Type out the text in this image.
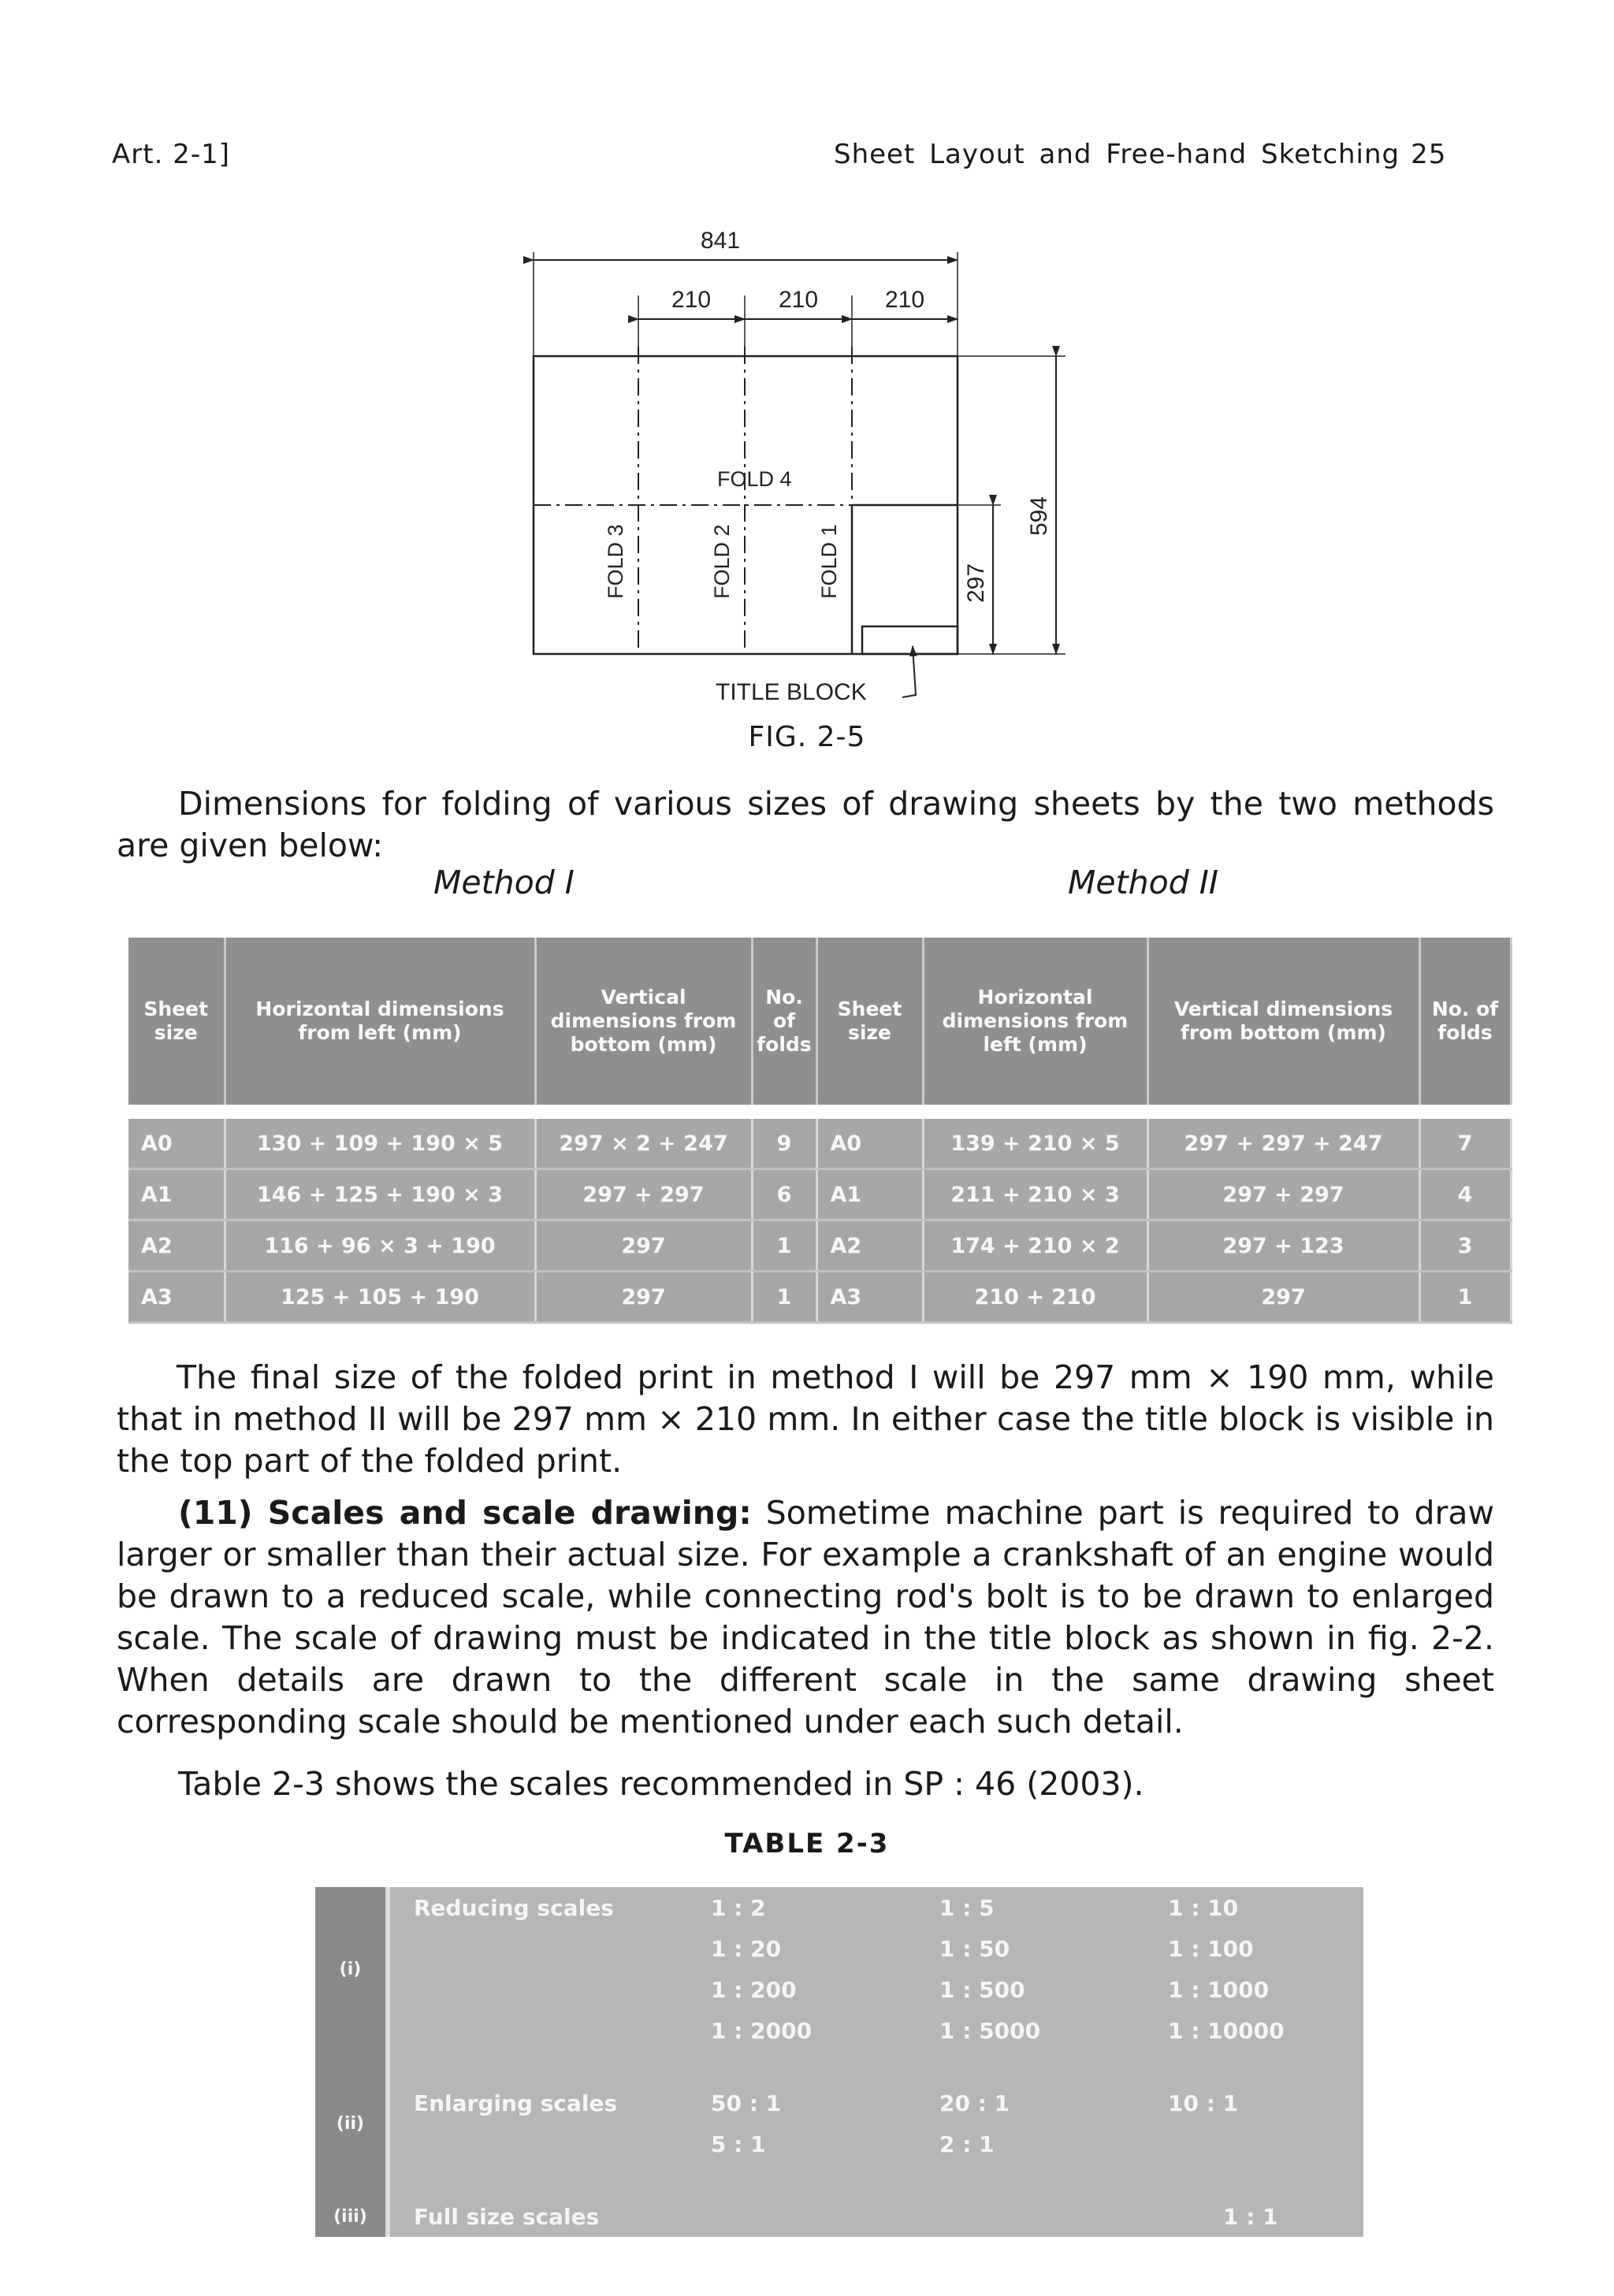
Art. 2-1]	Sheet Layout and Free-hand Sketching 25
841
210	210	210
FOLD 4
FOLD 3	FOLD 2	FOLD 1	297
594
TITLE BLOCK
FIG. 2-5
Dimensions for folding of various sizes of drawing sheets by the two methods are given below:
Method I	Method II
Sheet size	Horizontal dimensions from left (mm)	Vertical dimensions from bottom (mm)	No. of folds	Sheet size	Horizontal dimensions from left (mm)	Vertical dimensions from bottom (mm)	No. of folds

A0	130 + 109 + 190 × 5	297 × 2 + 247	9	A0	139 + 210 × 5	297 + 297 + 247	7
A1	146 + 125 + 190 × 3	297 + 297	6	A1	211 + 210 × 3	297 + 297	4
A2	116 + 96 × 3 + 190	297	1	A2	174 + 210 × 2	297 + 123	3
A3	125 + 105 + 190	297	1	A3	210 + 210	297	1
The final size of the folded print in method I will be 297 mm × 190 mm, while that in method II will be 297 mm × 210 mm. In either case the title block is visible in the top part of the folded print.
(11) Scales and scale drawing: Sometime machine part is required to draw larger or smaller than their actual size. For example a crankshaft of an engine would be drawn to a reduced scale, while connecting rod's bolt is to be drawn to enlarged scale. The scale of drawing must be indicated in the title block as shown in fig. 2-2. When details are drawn to the different scale in the same drawing sheet corresponding scale should be mentioned under each such detail.
Table 2-3 shows the scales recommended in SP : 46 (2003).
TABLE 2-3
(i)	Reducing scales	1 : 2	1 : 5	1 : 10
		1 : 20	1 : 50	1 : 100
		1 : 200	1 : 500	1 : 1000
		1 : 2000	1 : 5000	1 : 10000

(ii)	Enlarging scales	50 : 1	20 : 1	10 : 1
		5 : 1	2 : 1	

(iii)	Full size scales			1 : 1
